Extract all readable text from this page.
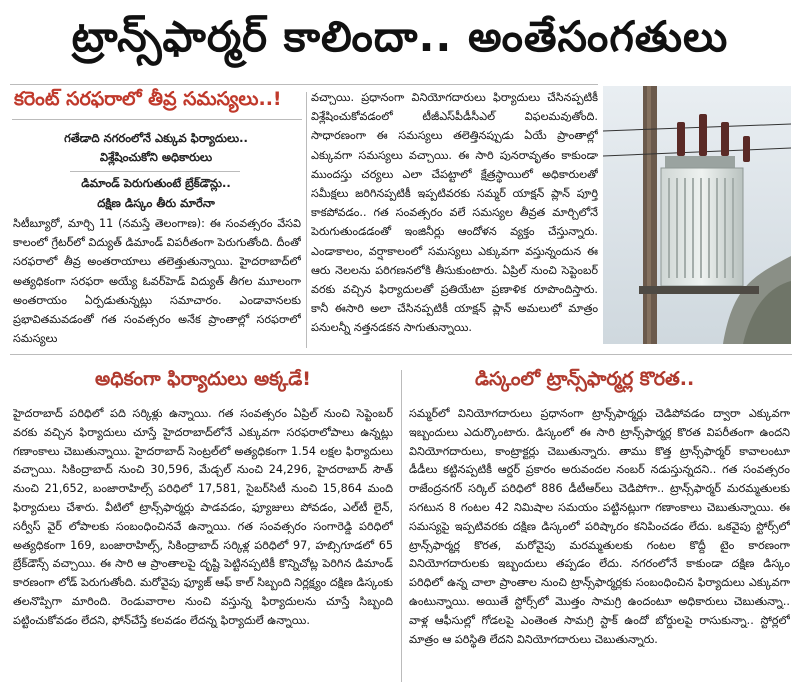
ట్రాన్స్‌ఫార్మర్ కాలిందా.. అంతేసంగతులు
కరెంట్ సరఫరాలో తీవ్ర సమస్యలు..!
గతేడాది నగరంలోనే ఎక్కువ ఫిర్యాదులు..
విశ్లేషించుకోని అధికారులు
డిమాండ్ పెరుగుతుంటే బ్రేక్‌డౌన్లు..
దక్షిణ డిస్కం తీరు మారేనా
సిటీబ్యూరో, మార్చి 11 (నమస్తే తెలంగాణ): ఈ సంవత్సరం వేసవి కాలంలో గ్రేటర్‌లో విద్యుత్ డిమాండ్ విపరీతంగా పెరుగుతోంది. దీంతో సరఫరాలో తీవ్ర అంతరాయాలు తలెత్తుతున్నాయి. హైదరాబాద్‌లో అత్యధికంగా సరఫరా అయ్యే ఓవర్‌హెడ్ విద్యుత్ తీగల మూలంగా అంతరాయం ఏర్పడుతున్నట్లు సమాచారం. ఎండావానలకు ప్రభావితమవడంతో గత సంవత్సరం అనేక ప్రాంతాల్లో సరఫరాలో సమస్యలు
వచ్చాయి. ప్రధానంగా వినియోగదారులు ఫిర్యాదులు చేసినప్పటికీ విశ్లేషించుకోవడంలో టీజీఎస్‌పీడీసీఎల్ విఫలమవుతోంది. సాధారణంగా ఈ సమస్యలు తలెత్తినప్పుడు ఏయే ప్రాంతాల్లో ఎక్కువగా సమస్యలు వచ్చాయి. ఈ సారి పునరావృతం కాకుండా ముందస్తు చర్యలు ఎలా చేపట్టాలో క్షేత్రస్థాయిలో అధికారులతో సమీక్షలు జరిగినప్పటికీ ఇప్పటివరకు సమ్మర్ యాక్షన్ ప్లాన్ పూర్తి కాకపోవడం.. గత సంవత్సరం వలే సమస్యల తీవ్రత మార్చిలోనే పెరుగుతుండడంతో ఇంజినీర్లు ఆందోళన వ్యక్తం చేస్తున్నారు. ఎండాకాలం, వర్షాకాలంలో సమస్యలు ఎక్కువగా వస్తున్నందున ఈ ఆరు నెలలను పరిగణనలోకి తీసుకుంటారు. ఏప్రిల్ నుంచి సెప్టెంబర్ వరకు వచ్చిన ఫిర్యాదులతో ప్రతియేటా ప్రణాళిక రూపొందిస్తారు. కానీ ఈసారి అలా చేసినప్పటికీ యాక్షన్ ప్లాన్ అమలులో మాత్రం పనులన్నీ నత్తనడకన సాగుతున్నాయి.
అధికంగా ఫిర్యాదులు అక్కడే!	డిస్కంలో ట్రాన్స్‌ఫార్మర్ల కొరత..
హైదరాబాద్ పరిధిలో పది సర్కిళ్లు ఉన్నాయి. గత సంవత్సరం ఏప్రిల్ నుంచి సెప్టెంబర్ వరకు వచ్చిన ఫిర్యాదులు చూస్తే హైదరాబాద్‌లోనే ఎక్కువగా సరఫరాలోపాలు ఉన్నట్లు గణాంకాలు చెబుతున్నాయి. హైదరాబాద్ సెంట్రల్‌లో అత్యధికంగా 1.54 లక్షల ఫిర్యాదులు వచ్చాయి. సికింద్రాబాద్ నుంచి 30,596, మేడ్చల్ నుంచి 24,296, హైదరాబాద్ సౌత్ నుంచి 21,652, బంజారాహిల్స్ పరిధిలో 17,581, సైబర్‌సిటీ నుంచి 15,864 మంది ఫిర్యాదులు చేశారు. వీటిలో ట్రాన్స్‌ఫార్మర్లు పాడవడం, ఫ్యూజులు పోవడం, ఎల్‌టీ లైన్, సర్వీస్ వైర్ లోపాలకు సంబంధించినవే ఉన్నాయి. గత సంవత్సరం సంగారెడ్డి పరిధిలో అత్యధికంగా 169, బంజారాహిల్స్, సికింద్రాబాద్ సర్కిళ్ల పరిధిలో 97, హబ్సిగూడలో 65 బ్రేక్‌డౌన్స్ వచ్చాయి. ఈ సారి ఆ ప్రాంతాలపై దృష్టి పెట్టినప్పటికీ కొన్నిచోట్ల పెరిగిన డిమాండ్ కారణంగా లోడ్ పెరుగుతోంది. మరోవైపు ఫ్యూజ్ ఆఫ్ కాల్ సిబ్బంది నిర్లక్ష్యం దక్షిణ డిస్కంకు తలనొప్పిగా మారింది. రెండువారాల నుంచి వస్తున్న ఫిర్యాదులను చూస్తే సిబ్బంది పట్టించుకోవడం లేదని, ఫోన్‌చేస్తే కలవడం లేదన్న ఫిర్యాదులే ఉన్నాయి.
సమ్మర్‌లో వినియోగదారులు ప్రధానంగా ట్రాన్స్‌ఫార్మర్లు చెడిపోవడం ద్వారా ఎక్కువగా ఇబ్బందులు ఎదుర్కొంటారు. డిస్కంలో ఈ సారి ట్రాన్స్‌ఫార్మర్ల కొరత విపరీతంగా ఉందని వినియోగదారులు, కాంట్రాక్టర్లు చెబుతున్నారు. తాము కొత్త ట్రాన్స్‌ఫార్మర్ కావాలంటూ డీడీలు కట్టినప్పటికీ ఆర్డర్ ప్రకారం అరువందల నంబర్ నడుస్తున్నదని.. గత సంవత్సరం రాజేంద్రనగర్ సర్కిల్ పరిధిలో 886 డీటీఆర్‌లు చెడిపోగా.. ట్రాన్స్‌ఫార్మర్ మరమ్మతులకు సగటున 8 గంటల 42 నిమిషాల సమయం పట్టినట్లుగా గణాంకాలు చెబుతున్నాయి. ఈ సమస్యపై ఇప్పటివరకు దక్షిణ డిస్కంలో పరిష్కారం కనిపించడం లేదు. ఒకవైపు స్టోర్స్‌లో ట్రాన్స్‌ఫార్మర్ల కొరత, మరోవైపు మరమ్మతులకు గంటల కొద్దీ టైం కారణంగా వినియోగదారులకు ఇబ్బందులు తప్పడం లేదు. నగరంలోనే కాకుండా దక్షిణ డిస్కం పరిధిలో ఉన్న చాలా ప్రాంతాల నుంచి ట్రాన్స్‌ఫార్మర్లకు సంబంధించిన ఫిర్యాదులు ఎక్కువగా ఉంటున్నాయి. అయితే స్టోర్స్‌లో మొత్తం సామగ్రి ఉందంటూ అధికారులు చెబుతున్నా.. వాళ్ల ఆఫీసుల్లో గోడలపై ఎంతెంత సామగ్రి స్టాక్ ఉందో బోర్డులపై రాసుకున్నా.. స్టోర్లలో మాత్రం ఆ పరిస్థితి లేదని వినియోగదారులు చెబుతున్నారు.
